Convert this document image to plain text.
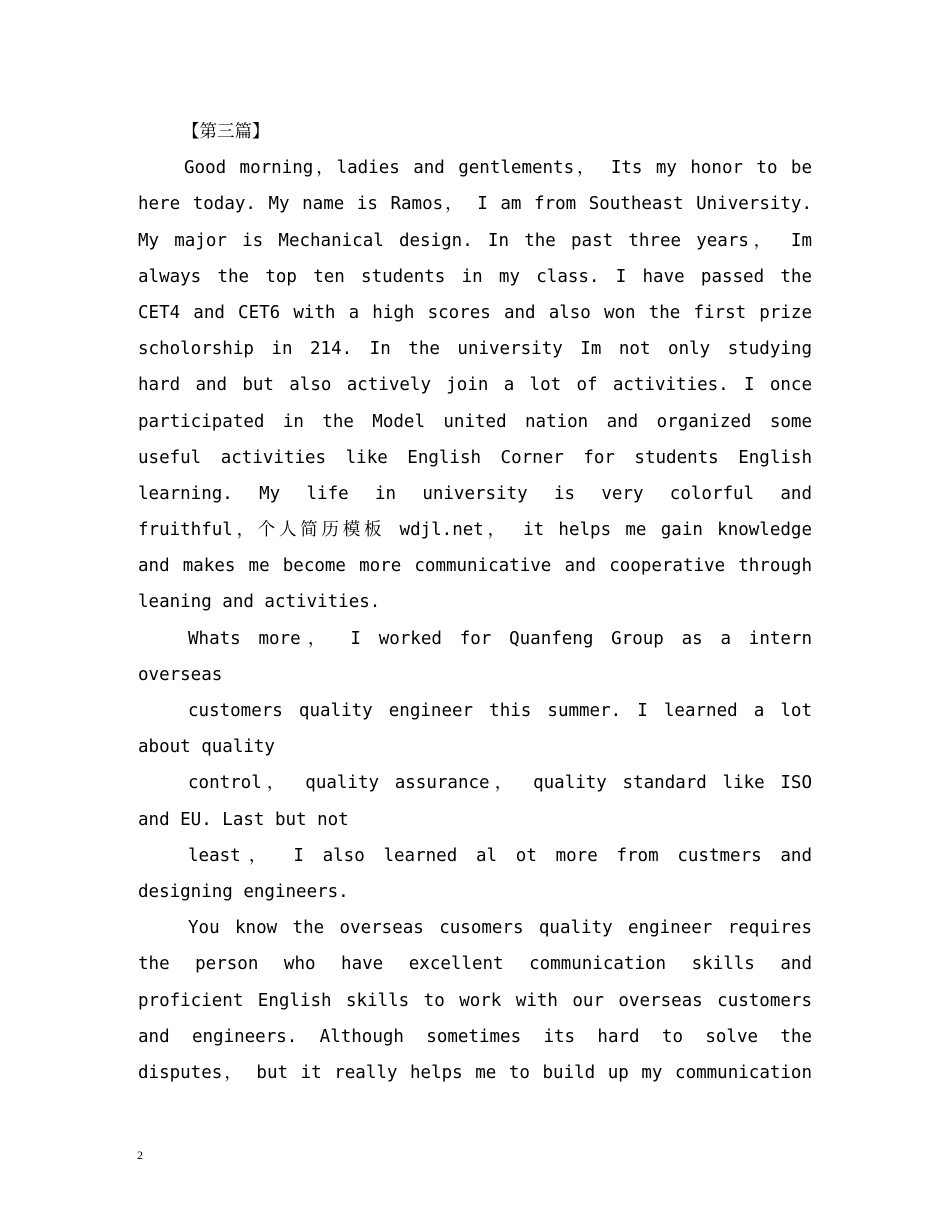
【第三篇】
Good morning，ladies and gentlements， Its my honor to be
here today. My name is Ramos， I am from Southeast University.
My major is Mechanical design. In the past three years， Im
always the top ten students in my class. I have passed the
CET4 and CET6 with a high scores and also won the first prize
scholorship in 214. In the university Im not only studying
hard and but also actively join a lot of activities. I once
participated in the Model united nation and organized some
useful activities like English Corner for students English
learning. My life in university is very colorful and
fruithful，个人简历模板 wdjl.net， it helps me gain knowledge
and makes me become more communicative and cooperative through
leaning and activities.
Whats more， I worked for Quanfeng Group as a intern
overseas
customers quality engineer this summer. I learned a lot
about quality
control， quality assurance， quality standard like ISO
and EU. Last but not
least， I also learned al ot more from custmers and
designing engineers.
You know the overseas cusomers quality engineer requires
the person who have excellent communication skills and
proficient English skills to work with our overseas customers
and engineers. Although sometimes its hard to solve the
disputes， but it really helps me to build up my communication
2
